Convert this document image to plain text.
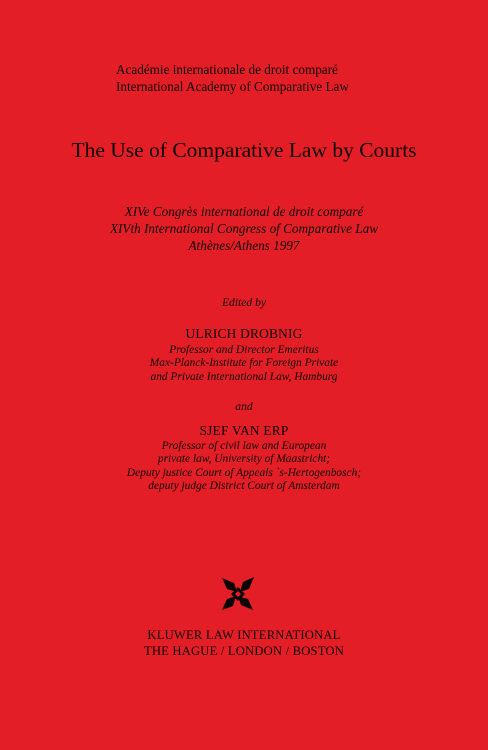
Académie internationale de droit comparé
International Academy of Comparative Law
The Use of Comparative Law by Courts
XIVe Congrès international de droit comparé
XIVth International Congress of Comparative Law
Athènes/Athens 1997
Edited by
ULRICH DROBNIG
Professor and Director Emeritus
Max-Planck-Institute for Foreign Private
and Private International Law, Hamburg
and
SJEF VAN ERP
Professor of civil law and European
private law, University of Maastricht;
Deputy justice Court of Appeals `s-Hertogenbosch;
deputy judge District Court of Amsterdam
KLUWER LAW INTERNATIONAL
THE HAGUE / LONDON / BOSTON
